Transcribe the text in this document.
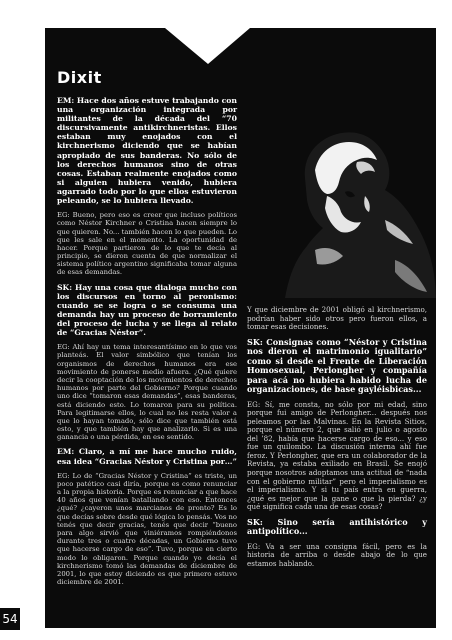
Dixit

EM: Hace dos años estuve trabajando con una organización integrada por militantes de la década del “70 discursivamente antikirchneristas. Ellos estaban muy enojados con el kirchnerismo diciendo que se habían apropiado de sus banderas. No sólo de los derechos humanos sino de otras cosas. Estaban realmente enojados como si alguien hubiera venido, hubiera agarrado todo por lo que ellos estuvieron peleando, se lo hubiera llevado.

EG: Bueno, pero eso es creer que incluso políticos como Néstor Kirchner o Cristina hacen siempre lo que quieren. No... también hacen lo que pueden. Lo que les sale en el momento. La oportunidad de hacer. Porque partieron de lo que te decía al principio, se dieron cuenta de que normalizar el sistema político argentino significaba tomar alguna de esas demandas.

SK: Hay una cosa que dialoga mucho con los discursos en torno al peronismo: cuando se se logra o se consuma una demanda hay un proceso de borramiento del proceso de lucha y se llega al relato de “Gracias Néstor”.

EG: Ahí hay un tema interesantísimo en lo que vos planteás. El valor simbólico que tenían los organismos de derechos humanos era ese movimiento de ponerse medio afuera. ¿Qué quiere decir la cooptación de los movimientos de derechos humanos por parte del Gobierno? Porque cuando uno dice “tomaron esas demandas”, esas banderas, está diciendo esto. Lo tomaron para su política. Para legitimarse ellos, lo cual no les resta valor a que lo hayan tomado, sólo dice que también está esto, y que también hay que analizarlo. Si es una ganancia o una pérdida, en ese sentido.

EM: Claro, a mí me hace mucho ruido, esa idea “Gracias Néstor y Cristina por…”

EG: Lo de “Gracias Néstor y Cristina” es triste, un poco patético casi diría, porque es como renunciar a la propia historia. Porque es renunciar a que hace 40 años que venían batallando con eso. Entonces ¿qué? ¿cayeron unos marcianos de pronto? Es lo que decías sobre desde qué lógica lo pensás. Vos no tenés que decir gracias, tenés que decir “bueno para algo sirvió que viniéramos rompiéndonos durante tres o cuatro décadas, un Gobierno tuvo que hacerse cargo de eso”. Tuvo, porque en cierto modo lo obligaron. Porque cuando yo decía el kirchnerismo tomó las demandas de diciembre de 2001, lo que estoy diciendo es que primero estuvo diciembre de 2001.

Y que diciembre de 2001 obligó al kirchnerismo, podrían haber sido otros pero fueron ellos, a tomar esas decisiones.

SK: Consignas como “Néstor y Cristina nos dieron el matrimonio igualitario” como si desde el Frente de Liberación Homosexual, Perlongher y compañía para acá no hubiera habido lucha de organizaciones, de base gayléisbicas...

EG: Sí, me consta, no sólo por mi edad, sino porque fui amigo de Perlongher... después nos peleamos por las Malvinas. En la Revista Sitios, porque el número 2, que salió en julio o agosto del ’82, había que hacerse cargo de eso... y eso fue un quilombo. La discusión interna ahí fue feroz. Y Perlongher, que era un colaborador de la Revista, ya estaba exiliado en Brasil. Se enojó porque nosotros adoptamos una actitud de “nada con el gobierno militar” pero el imperialismo es el imperialismo. Y si tu país entra en guerra, ¿qué es mejor que la gane o que la pierda? ¿y qué significa cada una de esas cosas?

SK: Sino sería antihistórico y antipolítico...

EG: Va a ser una consigna fácil, pero es la historia de arriba o desde abajo de lo que estamos hablando.

54
